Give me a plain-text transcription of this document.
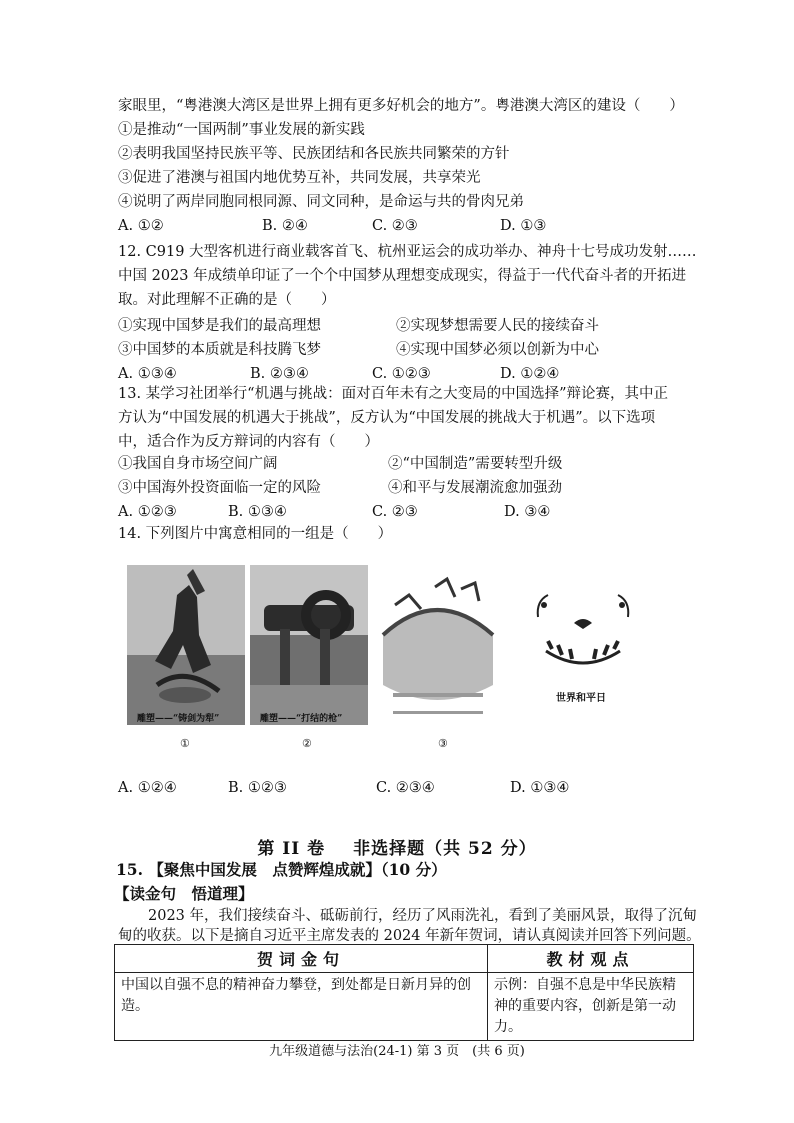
家眼里，“粤港澳大湾区是世界上拥有更多好机会的地方”。粤港澳大湾区的建设（　　）
①是推动“一国两制”事业发展的新实践
②表明我国坚持民族平等、民族团结和各民族共同繁荣的方针
③促进了港澳与祖国内地优势互补，共同发展，共享荣光
④说明了两岸同胞同根同源、同文同种，是命运与共的骨肉兄弟
A. ①②	B. ②④	C. ②③	D. ①③
12. C919 大型客机进行商业载客首飞、杭州亚运会的成功举办、神舟十七号成功发射……
中国 2023 年成绩单印证了一个个中国梦从理想变成现实，得益于一代代奋斗者的开拓进
取。对此理解不正确的是（　　）
①实现中国梦是我们的最高理想	②实现梦想需要人民的接续奋斗
③中国梦的本质就是科技腾飞梦	④实现中国梦必须以创新为中心
A. ①③④	B. ②③④	C. ①②③	D. ①②④
13. 某学习社团举行“机遇与挑战：面对百年未有之大变局的中国选择”辩论赛，其中正
方认为“中国发展的机遇大于挑战”，反方认为“中国发展的挑战大于机遇”。以下选项
中，适合作为反方辩词的内容有（　　）
①我国自身市场空间广阔	②“中国制造”需要转型升级
③中国海外投资面临一定的风险	④和平与发展潮流愈加强劲
A. ①②③	B. ①③④	C. ②③	D. ③④
14. 下列图片中寓意相同的一组是（　　）
雕塑——“铸剑为犁”	雕塑——“打结的枪”
世界和平日
①	②	③
A. ①②④	B. ①②③	C. ②③④	D. ①③④
第 II 卷 非选择题（共 52 分）
15. 【聚焦中国发展　点赞辉煌成就】（10 分）
【读金句　悟道理】
2023 年，我们接续奋斗、砥砺前行，经历了风雨洗礼，看到了美丽风景，取得了沉甸
甸的收获。以下是摘自习近平主席发表的 2024 年新年贺词，请认真阅读并回答下列问题。
贺词金句	教材观点
中国以自强不息的精神奋力攀登，到处都是日新月异的创造。	示例：自强不息是中华民族精神的重要内容，创新是第一动力。
九年级道德与法治(24-1) 第 3 页　(共 6 页)
